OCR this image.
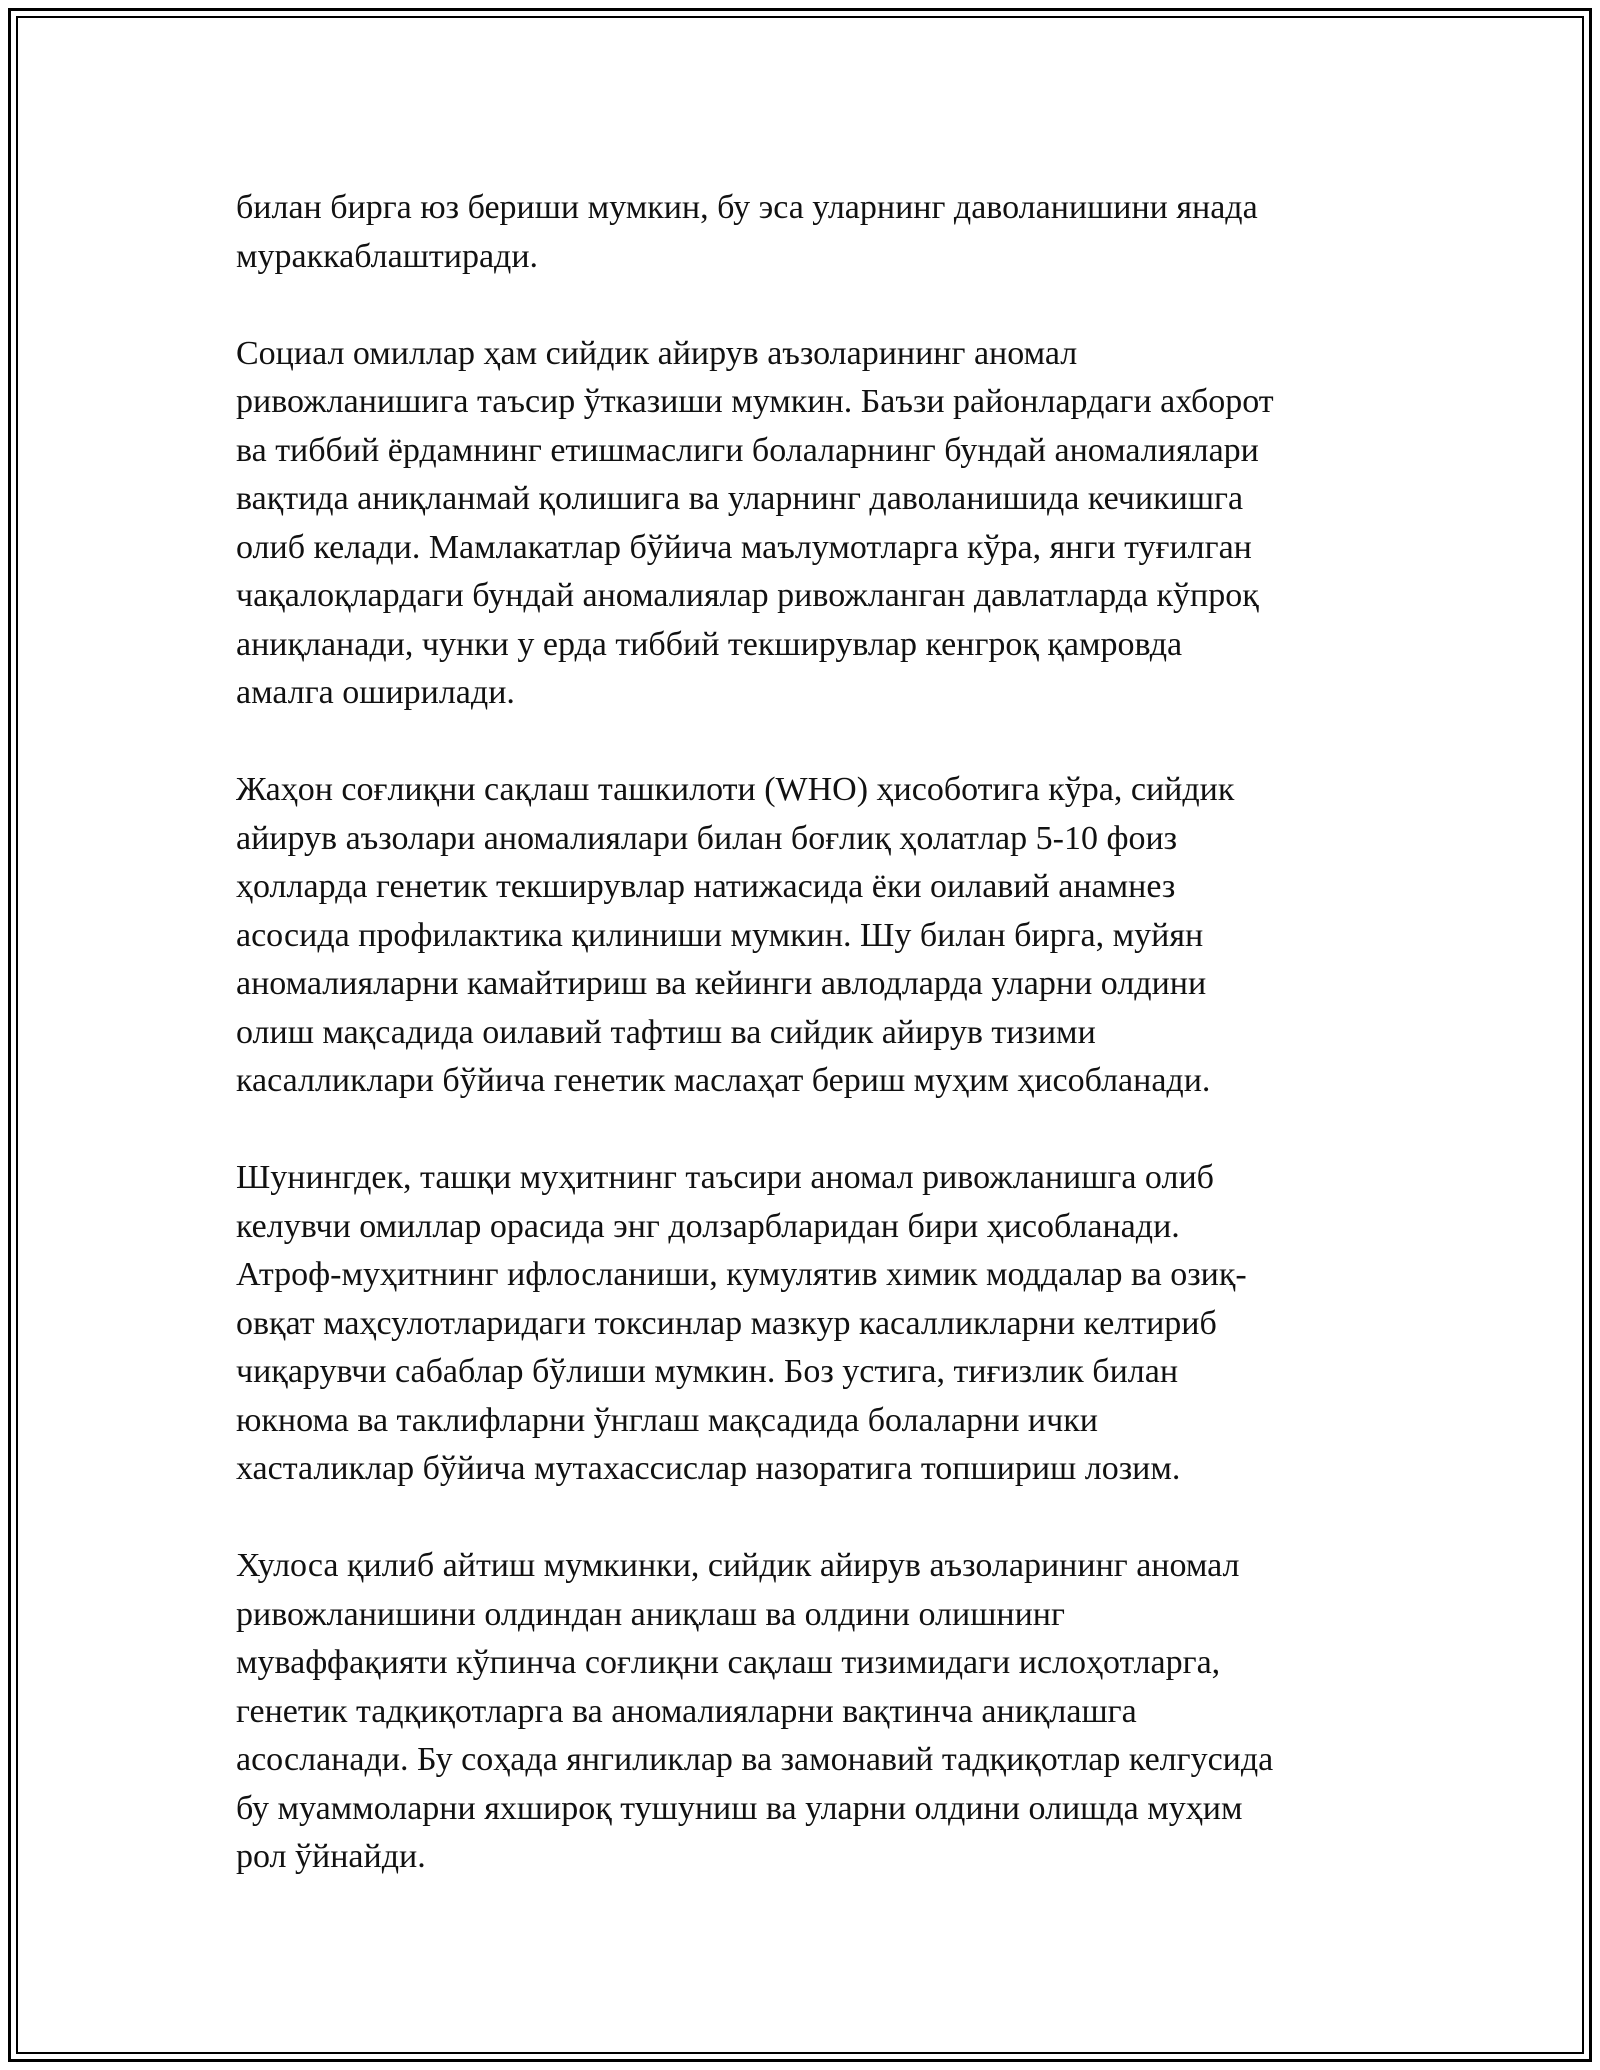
билан бирга юз бериши мумкин, бу эса уларнинг даволанишини янада
мураккаблаштиради.

Социал омиллар ҳам сийдик айирув аъзоларининг аномал
ривожланишига таъсир ўтказиши мумкин. Баъзи районлардаги ахборот
ва тиббий ёрдамнинг етишмаслиги болаларнинг бундай аномалиялари
вақтида аниқланмай қолишига ва уларнинг даволанишида кечикишга
олиб келади. Мамлакатлар бўйича маълумотларга кўра, янги туғилган
чақалоқлардаги бундай аномалиялар ривожланган давлатларда кўпроқ
аниқланади, чунки у ерда тиббий текширувлар кенгроқ қамровда
амалга оширилади.

Жаҳон соғлиқни сақлаш ташкилоти (WHO) ҳисоботига кўра, сийдик
айирув аъзолари аномалиялари билан боғлиқ ҳолатлар 5-10 фоиз
ҳолларда генетик текширувлар натижасида ёки оилавий анамнез
асосида профилактика қилиниши мумкин. Шу билан бирга, муйян
аномалияларни камайтириш ва кейинги авлодларда уларни олдини
олиш мақсадида оилавий тафтиш ва сийдик айирув тизими
касалликлари бўйича генетик маслаҳат бериш муҳим ҳисобланади.

Шунингдек, ташқи муҳитнинг таъсири аномал ривожланишга олиб
келувчи омиллар орасида энг долзарбларидан бири ҳисобланади.
Атроф-муҳитнинг ифлосланиши, кумулятив химик моддалар ва озиқ-
овқат маҳсулотларидаги токсинлар мазкур касалликларни келтириб
чиқарувчи сабаблар бўлиши мумкин. Боз устига, тиғизлик билан
юкнома ва таклифларни ўнглаш мақсадида болаларни ички
хасталиклар бўйича мутахассислар назоратига топшириш лозим.

Хулоса қилиб айтиш мумкинки, сийдик айирув аъзоларининг аномал
ривожланишини олдиндан аниқлаш ва олдини олишнинг
муваффақияти кўпинча соғлиқни сақлаш тизимидаги ислоҳотларга,
генетик тадқиқотларга ва аномалияларни вақтинча аниқлашга
асосланади. Бу соҳада янгиликлар ва замонавий тадқиқотлар келгусида
бу муаммоларни яхшироқ тушуниш ва уларни олдини олишда муҳим
рол ўйнайди.
